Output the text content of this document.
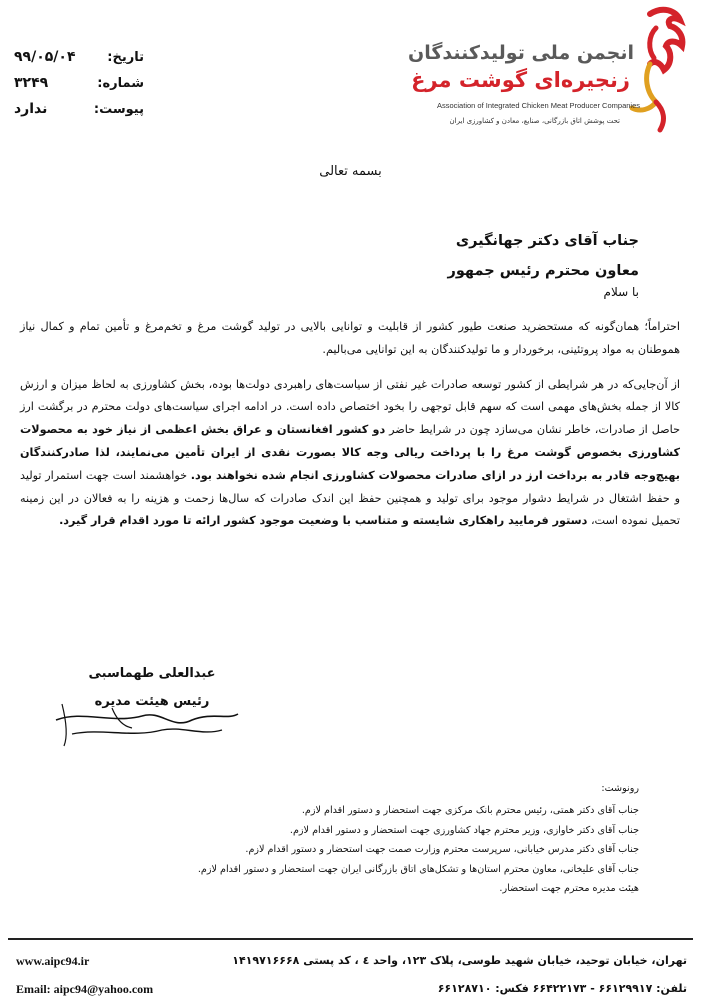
انجمن ملی تولیدکنندگان
زنجیره‌ای گوشت مرغ
Association of Integrated Chicken Meat Producer Companies
تحت پوشش اتاق بازرگانی، صنایع، معادن و کشاورزی ایران
تاریخ:
۹۹/۰۵/۰۴
شماره:
۳۲۴۹
پیوست:
ندارد
بسمه تعالی
جناب آقای دکتر جهانگیری
معاون محترم رئیس جمهور
با سلام

احتراماً؛ همان‌گونه که مستحضرید صنعت طیور کشور از قابلیت و توانایی بالایی در تولید گوشت مرغ و تخم‌مرغ و تأمین تمام و کمال نیاز هموطنان به مواد پروتئینی، برخوردار و ما تولیدکنندگان به این توانایی می‌بالیم.

از آن‌جایی‌که در هر شرایطی از کشور توسعه صادرات غیر نفتی از سیاست‌های راهبردی دولت‌ها بوده، بخش کشاورزی به لحاظ میزان و ارزش کالا از جمله بخش‌های مهمی است که سهم قابل توجهی را بخود اختصاص داده است. در ادامه اجرای سیاست‌های دولت محترم در برگشت ارز حاصل از صادرات، خاطر نشان می‌سازد چون در شرایط حاضر دو کشور افغانستان و عراق بخش اعظمی از نیاز خود به محصولات کشاورزی بخصوص گوشت مرغ را با پرداخت ریالی وجه کالا بصورت نقدی از ایران تأمین می‌نمایند، لذا صادرکنندگان بهیچ‌وجه قادر به برداخت ارز در ازای صادرات محصولات کشاورزی انجام شده نخواهند بود. خواهشمند است جهت استمرار تولید و حفظ اشتغال در شرایط دشوار موجود برای تولید و همچنین حفظ این اندک صادرات که سال‌ها زحمت و هزینه را به فعالان در این زمینه تحمیل نموده است، دستور فرمایید راهکاری شایسته و متناسب با وضعیت موجود کشور ارائه تا مورد اقدام قرار گیرد.

عبدالعلی طهماسبی
رئیس هیئت مدیره
رونوشت:
جناب آقای دکتر همتی، رئیس محترم بانک مرکزی جهت استحضار و دستور اقدام لازم.
جناب آقای دکتر خاوازی، وزیر محترم جهاد کشاورزی جهت استحضار و دستور اقدام لازم.
جناب آقای دکتر مدرس خیابانی، سرپرست محترم وزارت صمت جهت استحضار و دستور اقدام لازم.
جناب آقای علیخانی، معاون محترم استان‌ها و تشکل‌های اتاق بازرگانی ایران جهت استحضار و دستور اقدام لازم.
هیئت مدیره محترم جهت استحضار.
تهران، خیابان توحید، خیابان شهید طوسی، پلاک ۱۲۳، واحد ٤ ، کد پستی ۱۴۱۹۷۱۶۶۶۸
تلفن: ۶۶۱۲۹۹۱۷ - ۶۶۴۲۲۱۷۳ فکس: ۶۶۱۲۸۷۱۰
www.aipc94.ir
Email: aipc94@yahoo.com
